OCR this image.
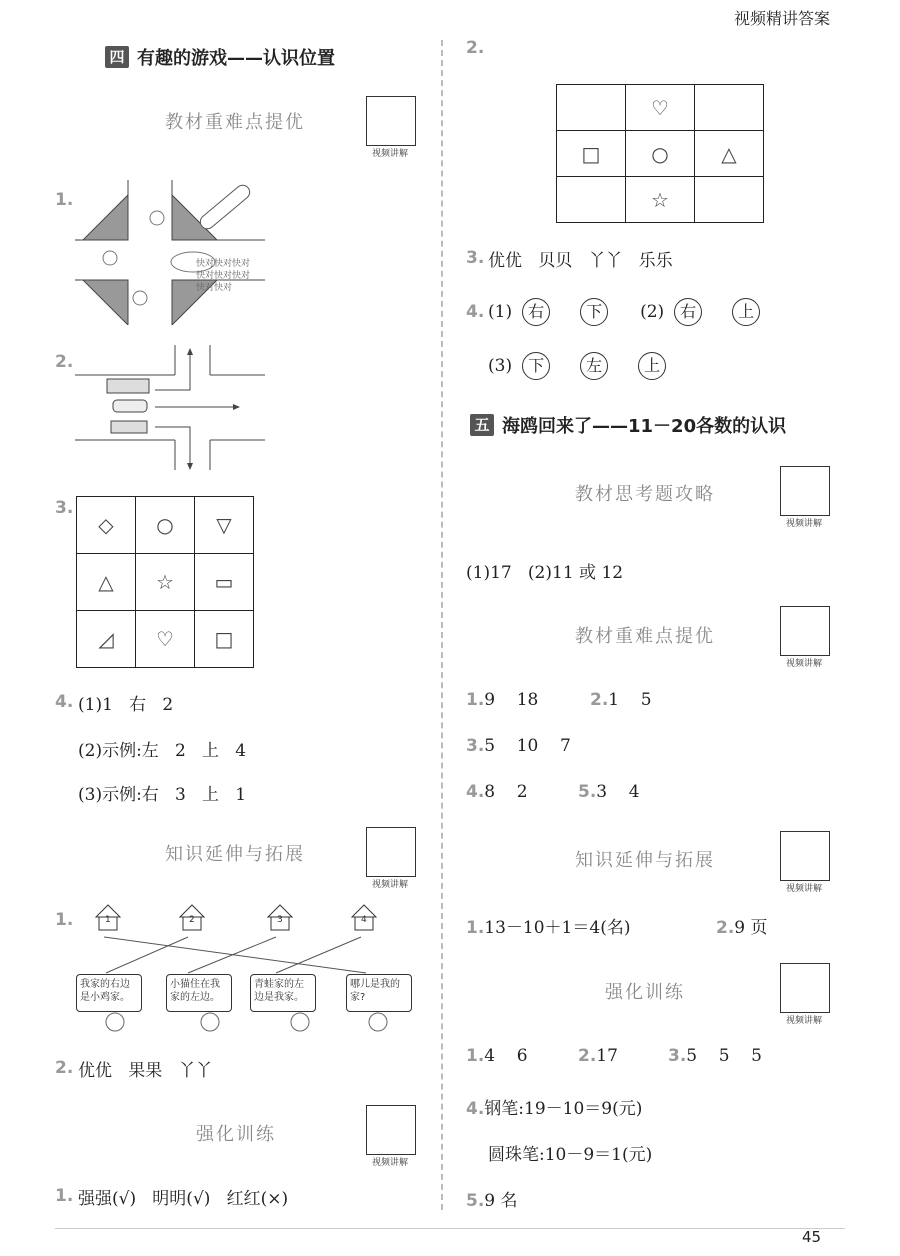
视频精讲答案
四 有趣的游戏——认识位置
教材重难点提优
视频讲解
1.
快对快对快对快对快对快对快对快对
2.
3.
◇	○	▽
△	☆	▭
◿	♡	□
4. (1)1   右   2
(2)示例:左   2   上   4
(3)示例:右   3   上   1
知识延伸与拓展
视频讲解
1.	1	2	3	4
我家的右边是小鸡家。
小猫住在我家的左边。
青蛙家的左边是我家。
哪儿是我的家?
2. 优优   果果   丫丫
强化训练
视频讲解
1. 强强(√)   明明(√)   红红(×)
2.
	♡	
□	○	△
	☆	
3. 优优   贝贝   丫丫   乐乐
4. (1) 右	下	(2) 右	上
(3) 下	左	上
五 海鸥回来了——11－20各数的认识
教材思考题攻略
视频讲解
(1)17   (2)11 或 12
教材重难点提优
视频讲解
1.9    18	2.1    5
3.5    10    7
4.8    2	5.3    4
知识延伸与拓展
视频讲解
1.13－10＋1＝4(名)	2.9 页
强化训练
视频讲解
1.4    6	2.17	3.5    5    5
4.钢笔:19－10＝9(元)
圆珠笔:10－9＝1(元)
5.9 名
45
